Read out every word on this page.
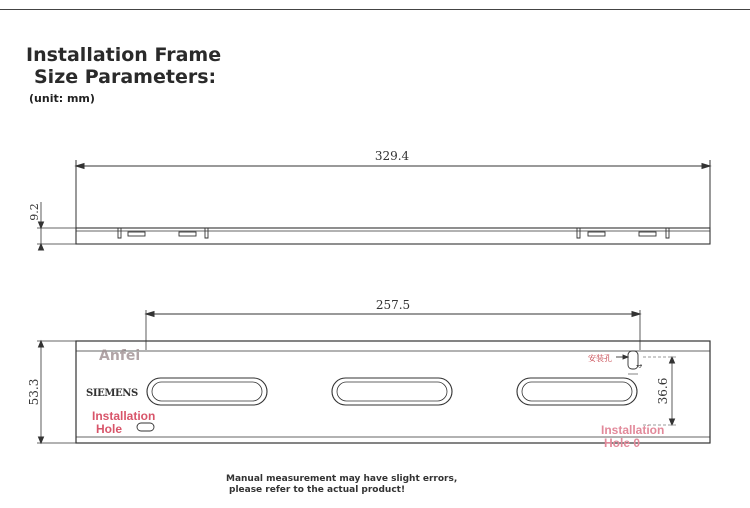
Installation Frame
Size Parameters:
(unit: mm)
329.4
9.2
257.5
53.3	36.6
4
SIEMENS
安装孔
Anfei
Installation
Hole	Installation
Hole 0
Manual measurement may have slight errors,
please refer to the actual product!
